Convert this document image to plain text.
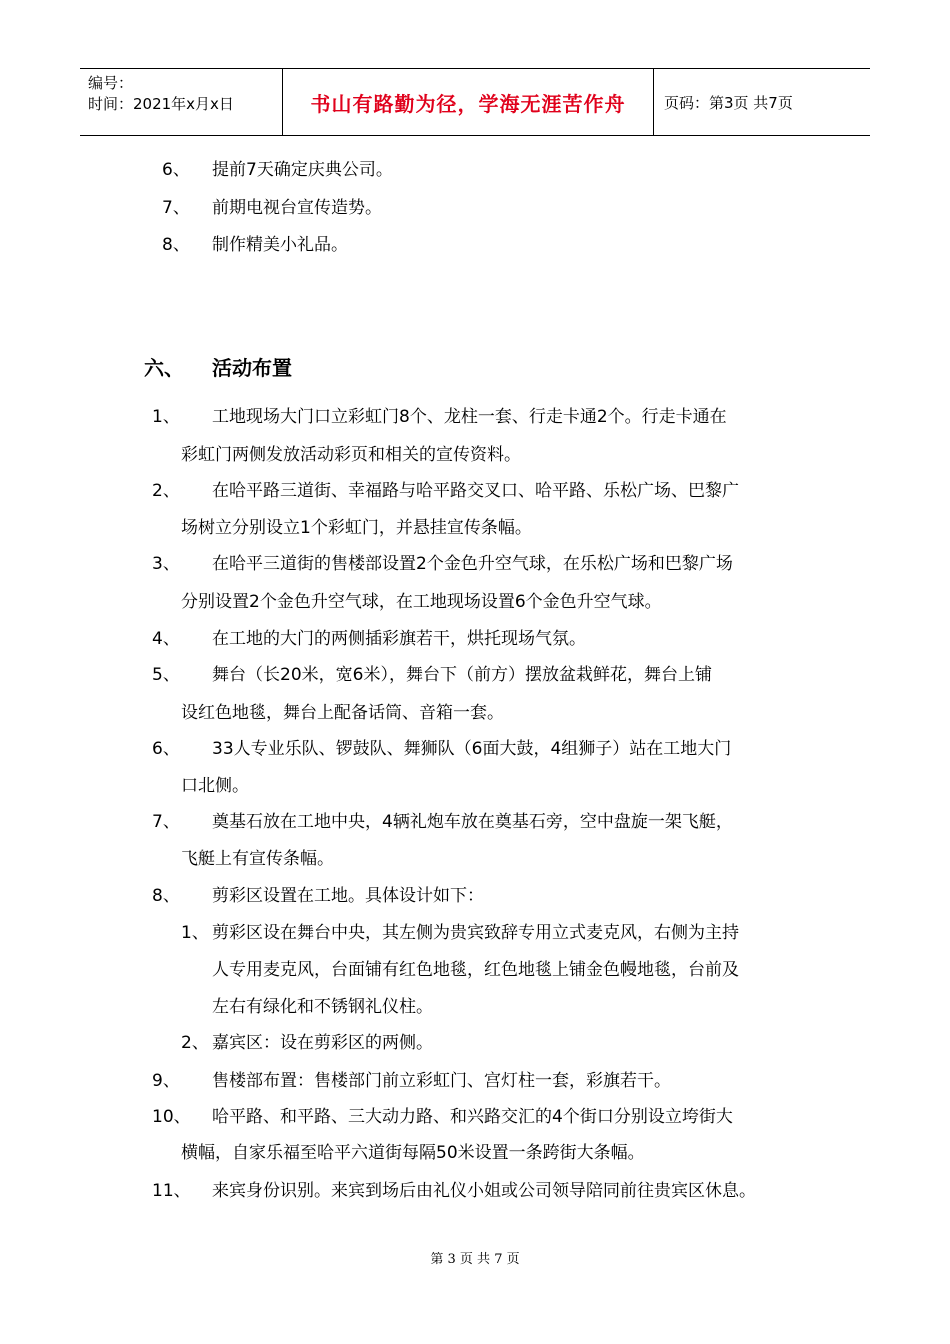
编号：
时间：2021年x月x日	书山有路勤为径，学海无涯苦作舟	页码：第3页 共7页
6、 提前7天确定庆典公司。
7、 前期电视台宣传造势。
8、 制作精美小礼品。
六、 活动布置
1、 工地现场大门口立彩虹门8个、龙柱一套、行走卡通2个。行走卡通在
彩虹门两侧发放活动彩页和相关的宣传资料。
2、 在哈平路三道街、幸福路与哈平路交叉口、哈平路、乐松广场、巴黎广
场树立分别设立1个彩虹门，并悬挂宣传条幅。
3、 在哈平三道街的售楼部设置2个金色升空气球，在乐松广场和巴黎广场
分别设置2个金色升空气球，在工地现场设置6个金色升空气球。
4、 在工地的大门的两侧插彩旗若干，烘托现场气氛。
5、 舞台（长20米，宽6米），舞台下（前方）摆放盆栽鲜花，舞台上铺
设红色地毯，舞台上配备话筒、音箱一套。
6、 33人专业乐队、锣鼓队、舞狮队（6面大鼓，4组狮子）站在工地大门
口北侧。
7、 奠基石放在工地中央，4辆礼炮车放在奠基石旁，空中盘旋一架飞艇，
飞艇上有宣传条幅。
8、 剪彩区设置在工地。具体设计如下：
1、 剪彩区设在舞台中央，其左侧为贵宾致辞专用立式麦克风，右侧为主持
人专用麦克风，台面铺有红色地毯，红色地毯上铺金色幔地毯，台前及
左右有绿化和不锈钢礼仪柱。
2、 嘉宾区：设在剪彩区的两侧。
9、 售楼部布置：售楼部门前立彩虹门、宫灯柱一套，彩旗若干。
10、 哈平路、和平路、三大动力路、和兴路交汇的4个街口分别设立垮街大
横幅，自家乐福至哈平六道街每隔50米设置一条跨街大条幅。
11、 来宾身份识别。来宾到场后由礼仪小姐或公司领导陪同前往贵宾区休息。
第 3 页 共 7 页
